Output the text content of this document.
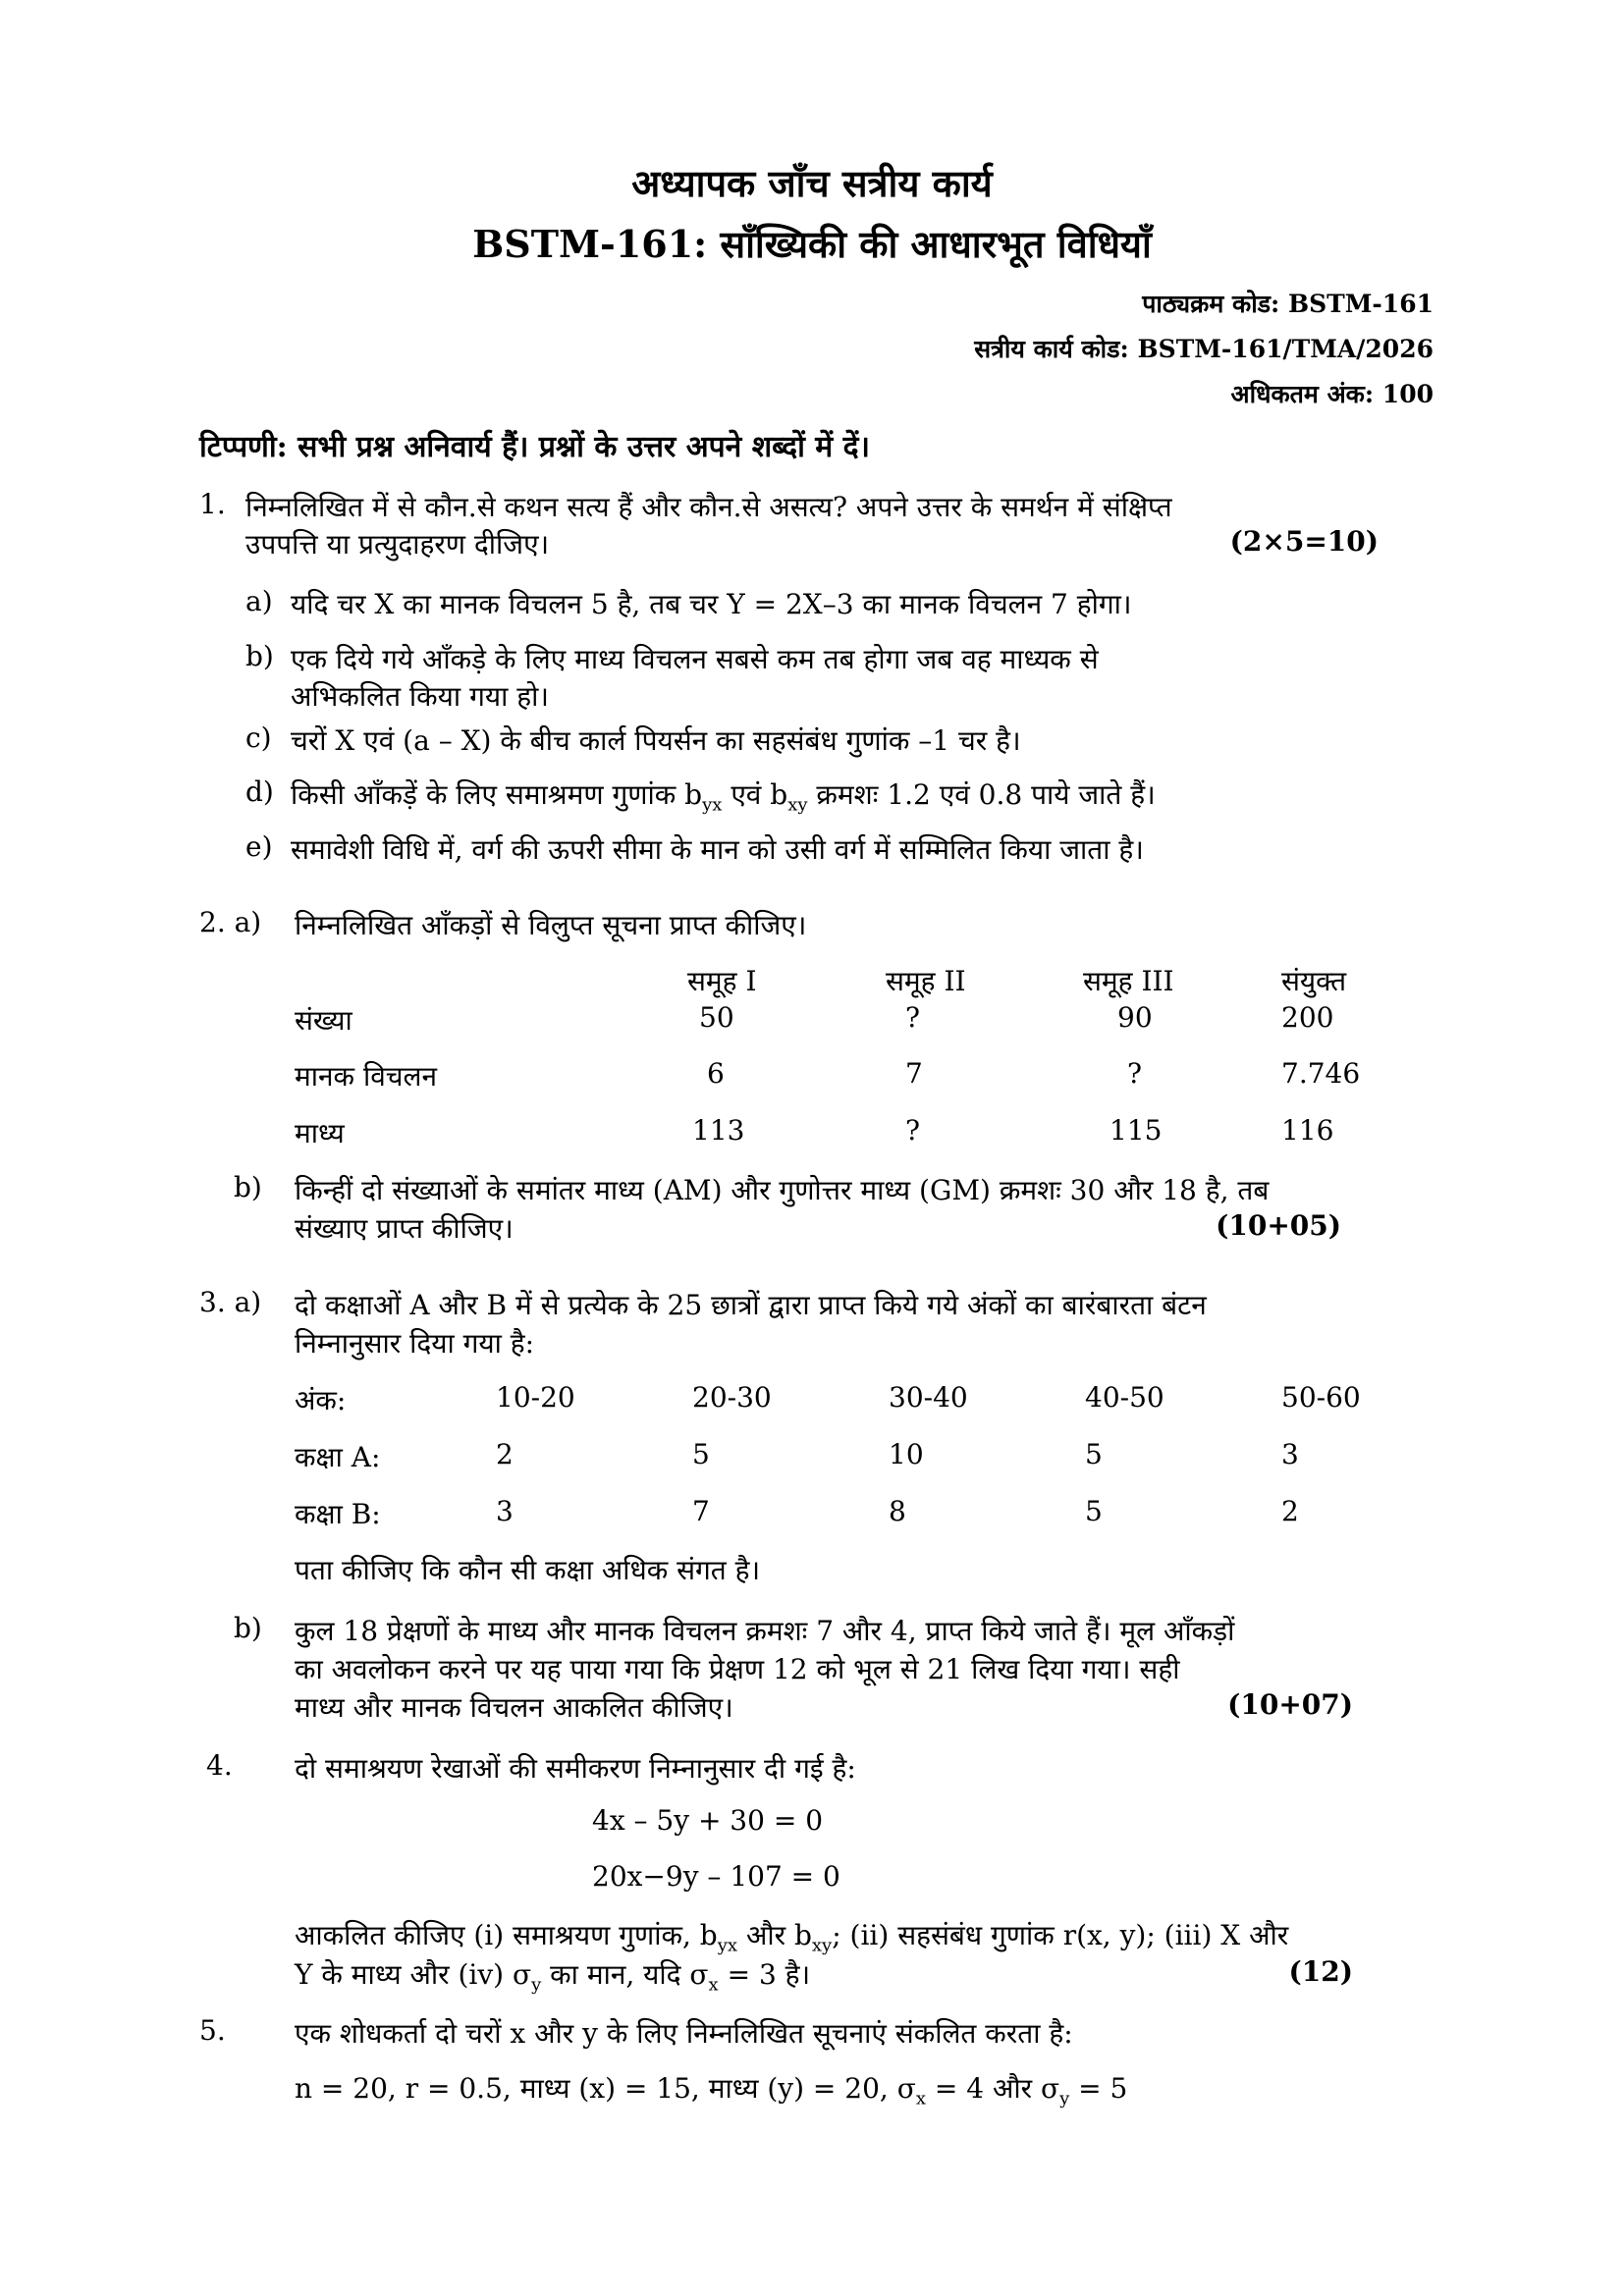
अध्यापक जाँच सत्रीय कार्य
BSTM-161: साँख्यिकी की आधारभूत विधियाँ
पाठ्यक्रम कोड: BSTM-161
सत्रीय कार्य कोड: BSTM-161/TMA/2026
अधिकतम अंक: 100
टिप्पणी: सभी प्रश्न अनिवार्य हैं। प्रश्नों के उत्तर अपने शब्दों में दें।
1. निम्नलिखित में से कौन.से कथन सत्य हैं और कौन.से असत्य? अपने उत्तर के समर्थन में संक्षिप्त
उपपत्ति या प्रत्युदाहरण दीजिए।	(2×5=10)
a) यदि चर X का मानक विचलन 5 है, तब चर Y = 2X–3 का मानक विचलन 7 होगा।
b) एक दिये गये आँकड़े के लिए माध्य विचलन सबसे कम तब होगा जब वह माध्यक से
अभिकलित किया गया हो।
c) चरों X एवं (a – X) के बीच कार्ल पियर्सन का सहसंबंध गुणांक –1 चर है।
d) किसी आँकड़ें के लिए समाश्रमण गुणांक $b_{yx}$ एवं $b_{xy}$ क्रमशः 1.2 एवं 0.8 पाये जाते हैं।
e) समावेशी विधि में, वर्ग की ऊपरी सीमा के मान को उसी वर्ग में सम्मिलित किया जाता है।
2. a) निम्नलिखित आँकड़ों से विलुप्त सूचना प्राप्त कीजिए।
समूह I	समूह II	समूह III	संयुक्त
संख्या	50	?	90	200
मानक विचलन	6	7	?	7.746
माध्य	113	?	115	116
b) किन्हीं दो संख्याओं के समांतर माध्य (AM) और गुणोत्तर माध्य (GM) क्रमशः 30 और 18 है, तब
संख्याए प्राप्त कीजिए।	(10+05)
3. a) दो कक्षाओं A और B में से प्रत्येक के 25 छात्रों द्वारा प्राप्त किये गये अंकों का बारंबारता बंटन
निम्नानुसार दिया गया है:
अंक:	10-20	20-30	30-40	40-50	50-60
कक्षा A:	2	5	10	5	3
कक्षा B:	3	7	8	5	2
पता कीजिए कि कौन सी कक्षा अधिक संगत है।
b) कुल 18 प्रेक्षणों के माध्य और मानक विचलन क्रमशः 7 और 4, प्राप्त किये जाते हैं। मूल आँकड़ों
का अवलोकन करने पर यह पाया गया कि प्रेक्षण 12 को भूल से 21 लिख दिया गया। सही
माध्य और मानक विचलन आकलित कीजिए।	(10+07)
4. दो समाश्रयण रेखाओं की समीकरण निम्नानुसार दी गई है:
4x – 5y + 30 = 0
20x−9y – 107 = 0
आकलित कीजिए (i) समाश्रयण गुणांक, $b_{yx}$ और $b_{xy}$; (ii) सहसंबंध गुणांक r(x, y); (iii) X और
Y के माध्य और (iv) $\sigma_y$ का मान, यदि $\sigma_x = 3$ है।	(12)
5.	एक शोधकर्ता दो चरों x और y के लिए निम्नलिखित सूचनाएं संकलित करता है:
n = 20, r = 0.5, माध्य (x) = 15, माध्य (y) = 20, $\sigma_x = 4$ और $\sigma_y = 5$
